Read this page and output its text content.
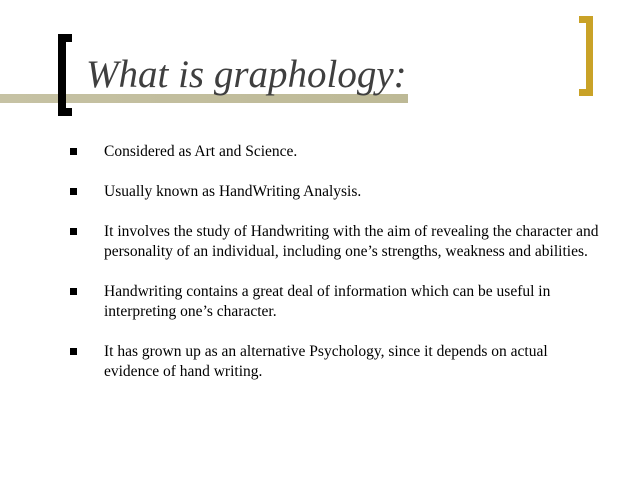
What is graphology:
Considered as Art and Science.
Usually known as HandWriting Analysis.
It involves the study of Handwriting with the aim of revealing the character and personality of an individual, including one’s strengths, weakness and abilities.
Handwriting contains a great deal of information which can be useful in interpreting one’s character.
It has grown up as an alternative Psychology, since it depends on actual evidence of hand writing.
